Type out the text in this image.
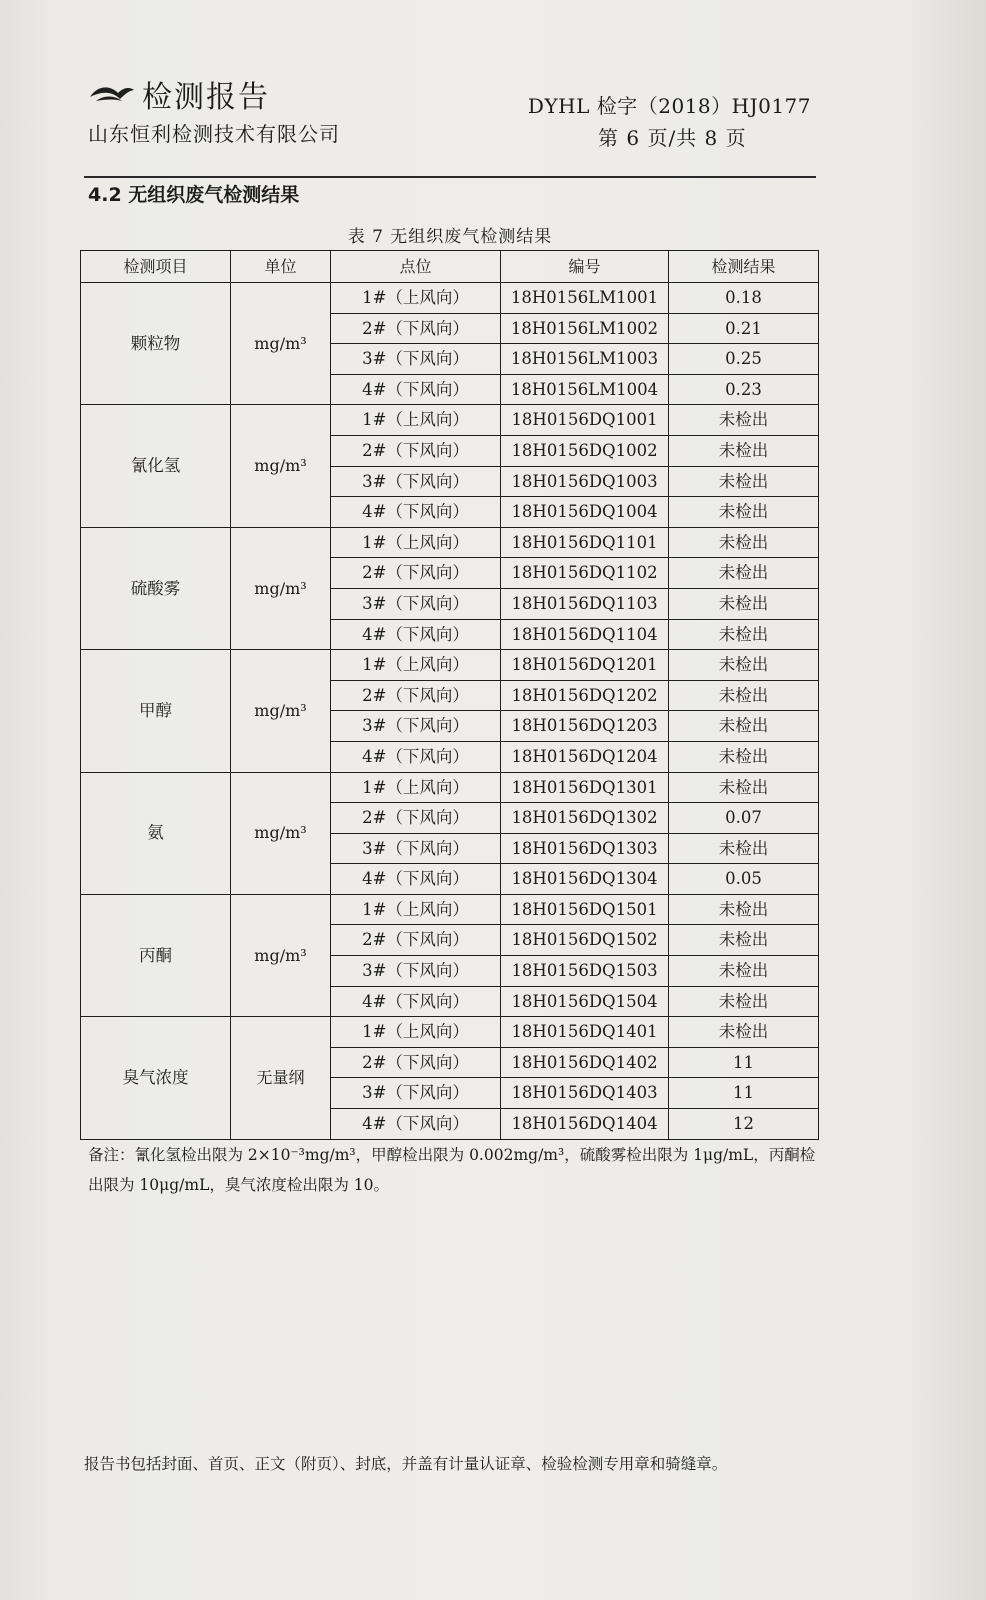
检测报告
山东恒利检测技术有限公司
DYHL 检字（2018）HJ0177
第 6 页/共 8 页
4.2 无组织废气检测结果
表 7 无组织废气检测结果
检测项目	单位	点位	编号	检测结果
颗粒物	mg/m³	1#（上风向）	18H0156LM1001	0.18
		2#（下风向）	18H0156LM1002	0.21
		3#（下风向）	18H0156LM1003	0.25
		4#（下风向）	18H0156LM1004	0.23
氰化氢	mg/m³	1#（上风向）	18H0156DQ1001	未检出
		2#（下风向）	18H0156DQ1002	未检出
		3#（下风向）	18H0156DQ1003	未检出
		4#（下风向）	18H0156DQ1004	未检出
硫酸雾	mg/m³	1#（上风向）	18H0156DQ1101	未检出
		2#（下风向）	18H0156DQ1102	未检出
		3#（下风向）	18H0156DQ1103	未检出
		4#（下风向）	18H0156DQ1104	未检出
甲醇	mg/m³	1#（上风向）	18H0156DQ1201	未检出
		2#（下风向）	18H0156DQ1202	未检出
		3#（下风向）	18H0156DQ1203	未检出
		4#（下风向）	18H0156DQ1204	未检出
氨	mg/m³	1#（上风向）	18H0156DQ1301	未检出
		2#（下风向）	18H0156DQ1302	0.07
		3#（下风向）	18H0156DQ1303	未检出
		4#（下风向）	18H0156DQ1304	0.05
丙酮	mg/m³	1#（上风向）	18H0156DQ1501	未检出
		2#（下风向）	18H0156DQ1502	未检出
		3#（下风向）	18H0156DQ1503	未检出
		4#（下风向）	18H0156DQ1504	未检出
臭气浓度	无量纲	1#（上风向）	18H0156DQ1401	未检出
		2#（下风向）	18H0156DQ1402	11
		3#（下风向）	18H0156DQ1403	11
		4#（下风向）	18H0156DQ1404	12
备注：氰化氢检出限为 2×10⁻³mg/m³，甲醇检出限为 0.002mg/m³，硫酸雾检出限为 1μg/mL，丙酮检出限为 10μg/mL，臭气浓度检出限为 10。
报告书包括封面、首页、正文（附页）、封底，并盖有计量认证章、检验检测专用章和骑缝章。
